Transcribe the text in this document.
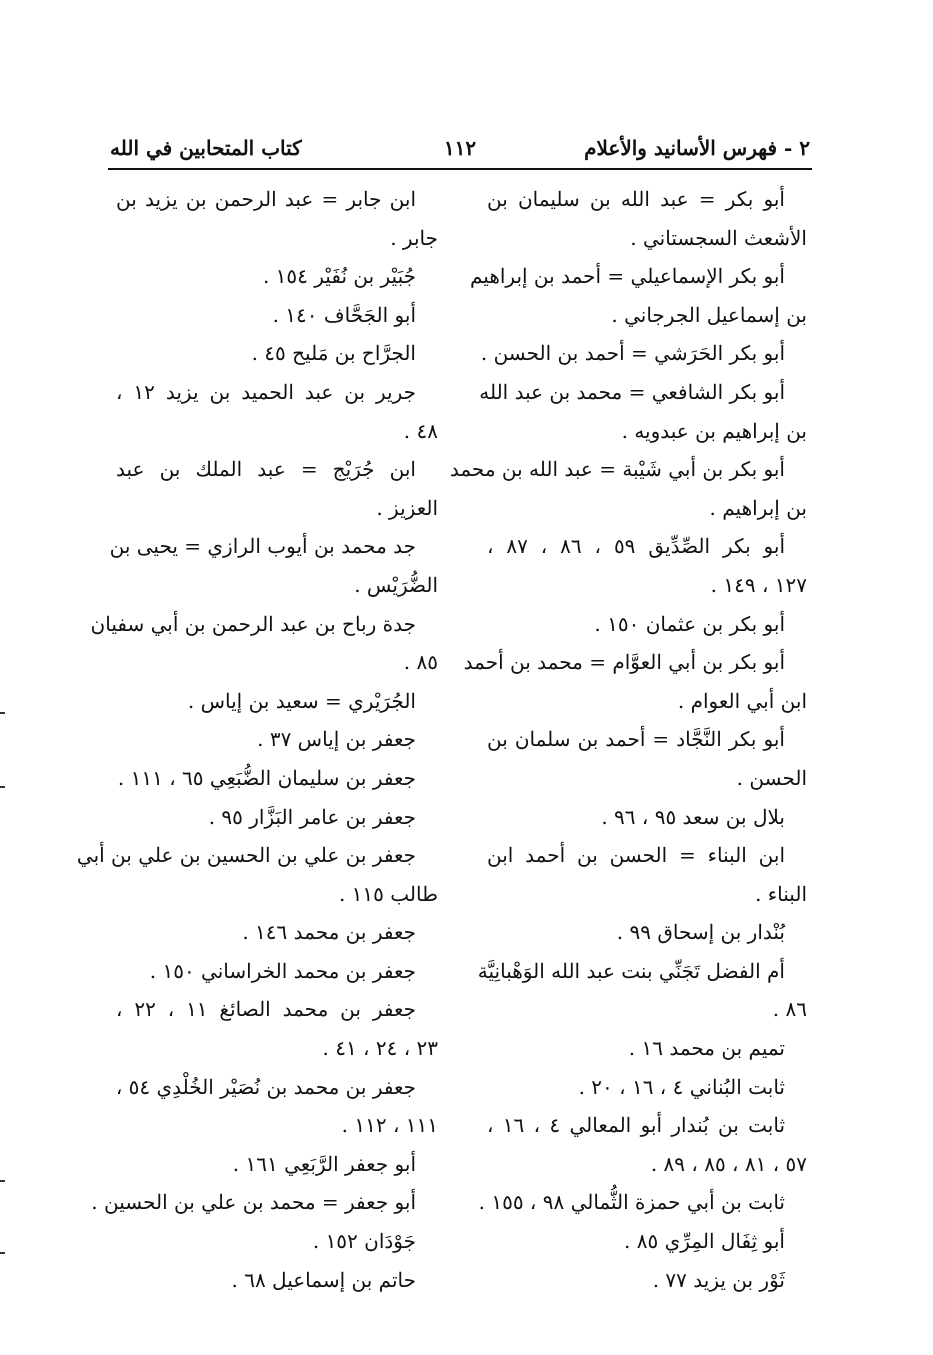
٢ - فهرس الأسانيد والأعلام
١١٢
كتاب المتحابين في الله
أبو بكر = عبد الله بن سليمان بن
الأشعث السجستاني .
أبو بكر الإسماعيلي = أحمد بن إبراهيم
بن إسماعيل الجرجاني .
أبو بكر الحَرَشي = أحمد بن الحسن .
أبو بكر الشافعي = محمد بن عبد الله
بن إبراهيم بن عبدويه .
أبو بكر بن أبي شَيْبة = عبد الله بن محمد
بن إبراهيم .
أبو بكر الصِّدِّيق ٥٩ ، ٨٦ ، ٨٧ ،
١٢٧ ، ١٤٩ .
أبو بكر بن عثمان ١٥٠ .
أبو بكر بن أبي العوَّام = محمد بن أحمد
ابن أبي العوام .
أبو بكر النَّجَّاد = أحمد بن سلمان بن
الحسن .
بلال بن سعد ٩٥ ، ٩٦ .
ابن البناء = الحسن بن أحمد ابن
البناء .
بُنْدار بن إسحاق ٩٩ .
أم الفضل تَجَنِّي بنت عبد الله الوَهْبانِيَّة
٨٦ .
تميم بن محمد ١٦ .
ثابت البُناني ٤ ، ١٦ ، ٢٠ .
ثابت بن بُندار أبو المعالي ٤ ، ١٦ ،
٥٧ ، ٨١ ، ٨٥ ، ٨٩ .
ثابت بن أبي حمزة الثُّمالي ٩٨ ، ١٥٥ .
أبو ثِفَال المِرِّي ٨٥ .
ثَوْر بن يزيد ٧٧ .
ابن جابر = عبد الرحمن بن يزيد بن
جابر .
جُبَيْر بن نُفَيْر ١٥٤ .
أبو الجَحَّاف ١٤٠ .
الجرَّاح بن مَليح ٤٥ .
جرير بن عبد الحميد بن يزيد ١٢ ،
٤٨ .
ابن جُرَيْج = عبد الملك بن عبد
العزيز .
جد محمد بن أيوب الرازي = يحيى بن
الضُّرَيْس .
جدة رباح بن عبد الرحمن بن أبي سفيان
٨٥ .
الجُرَيْري = سعيد بن إياس .
جعفر بن إياس ٣٧ .
جعفر بن سليمان الضُّبَعِي ٦٥ ، ١١١ .
جعفر بن عامر البَزَّار ٩٥ .
جعفر بن علي بن الحسين بن علي بن أبي
طالب ١١٥ .
جعفر بن محمد ١٤٦ .
جعفر بن محمد الخراساني ١٥٠ .
جعفر بن محمد الصائغ ١١ ، ٢٢ ،
٢٣ ، ٢٤ ، ٤١ .
جعفر بن محمد بن نُصَيْر الخُلْدِي ٥٤ ،
١١١ ، ١١٢ .
أبو جعفر الرَّبَعِي ١٦١ .
أبو جعفر = محمد بن علي بن الحسين .
جَوْدَان ١٥٢ .
حاتم بن إسماعيل ٦٨ .
